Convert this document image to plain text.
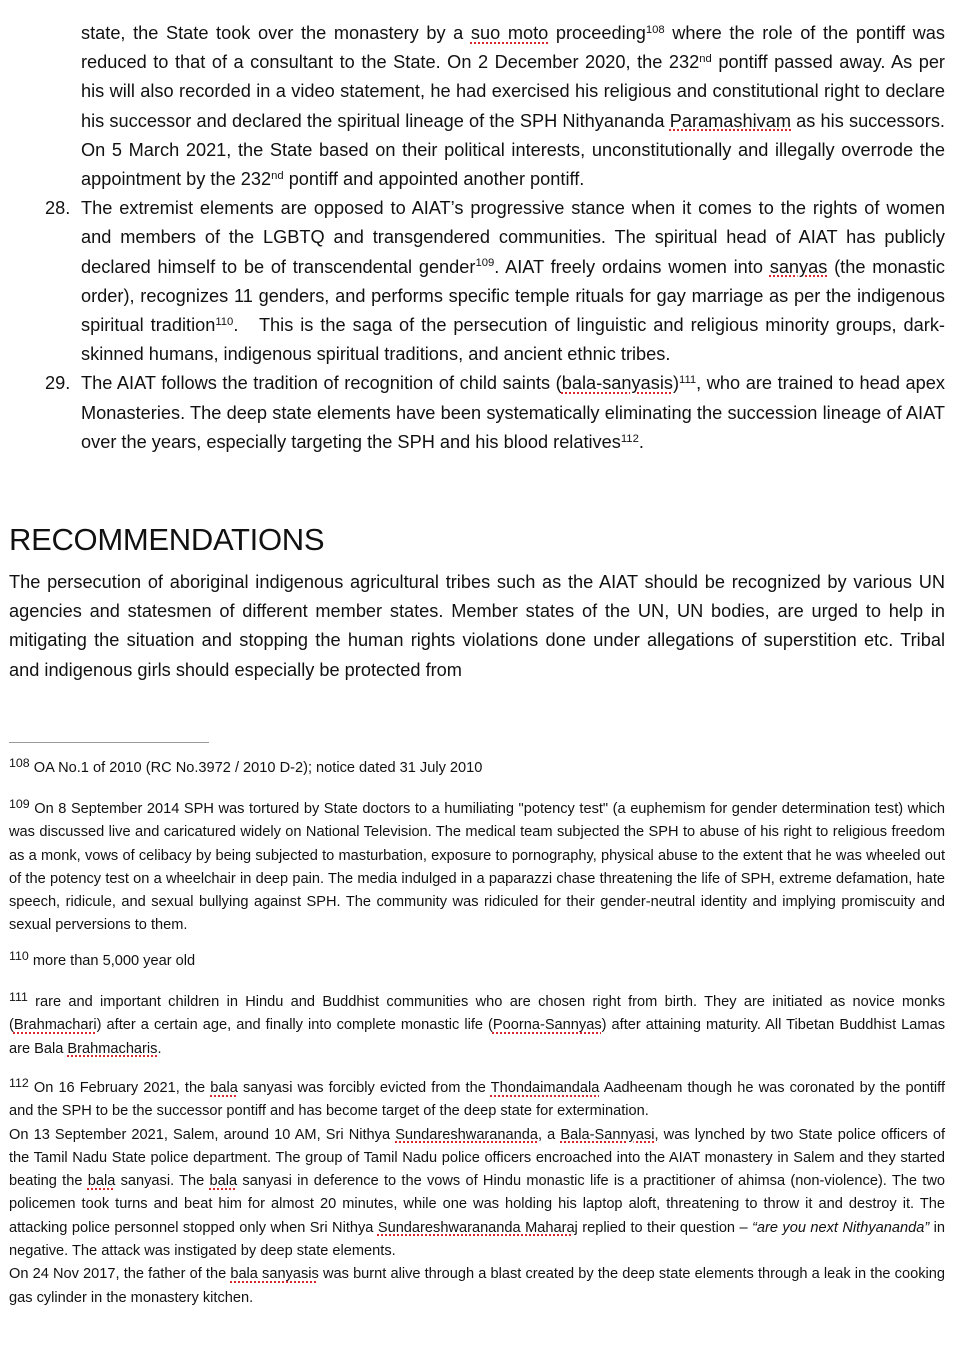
state, the State took over the monastery by a suo moto proceeding$^{108}$ where the role of the pontiff was reduced to that of a consultant to the State. On 2 December 2020, the 232nd pontiff passed away. As per his will also recorded in a video statement, he had exercised his religious and constitutional right to declare his successor and declared the spiritual lineage of the SPH Nithyananda Paramashivam as his successors. On 5 March 2021, the State based on their political interests, unconstitutionally and illegally overrode the appointment by the 232nd pontiff and appointed another pontiff.

28. The extremist elements are opposed to AIAT’s progressive stance when it comes to the rights of women and members of the LGBTQ and transgendered communities. The spiritual head of AIAT has publicly declared himself to be of transcendental gender$^{109}$. AIAT freely ordains women into sanyas (the monastic order), recognizes 11 genders, and performs specific temple rituals for gay marriage as per the indigenous spiritual tradition$^{110}$.   This is the saga of the persecution of linguistic and religious minority groups, dark-skinned humans, indigenous spiritual traditions, and ancient ethnic tribes.

29. The AIAT follows the tradition of recognition of child saints (bala-sanyasis)$^{111}$, who are trained to head apex Monasteries. The deep state elements have been systematically eliminating the succession lineage of AIAT over the years, especially targeting the SPH and his blood relatives$^{112}$.

RECOMMENDATIONS

The persecution of aboriginal indigenous agricultural tribes such as the AIAT should be recognized by various UN agencies and statesmen of different member states. Member states of the UN, UN bodies, are urged to help in mitigating the situation and stopping the human rights violations done under allegations of superstition etc. Tribal and indigenous girls should especially be protected from

$^{108}$ OA No.1 of 2010 (RC No.3972 / 2010 D-2); notice dated 31 July 2010

$^{109}$ On 8 September 2014 SPH was tortured by State doctors to a humiliating "potency test" (a euphemism for gender determination test) which was discussed live and caricatured widely on National Television. The medical team subjected the SPH to abuse of his right to religious freedom as a monk, vows of celibacy by being subjected to masturbation, exposure to pornography, physical abuse to the extent that he was wheeled out of the potency test on a wheelchair in deep pain. The media indulged in a paparazzi chase threatening the life of SPH, extreme defamation, hate speech, ridicule, and sexual bullying against SPH. The community was ridiculed for their gender-neutral identity and implying promiscuity and sexual perversions to them.

$^{110}$ more than 5,000 year old

$^{111}$ rare and important children in Hindu and Buddhist communities who are chosen right from birth. They are initiated as novice monks (Brahmachari) after a certain age, and finally into complete monastic life (Poorna-Sannyas) after attaining maturity. All Tibetan Buddhist Lamas are Bala Brahmacharis.

$^{112}$ On 16 February 2021, the bala sanyasi was forcibly evicted from the Thondaimandala Aadheenam though he was coronated by the pontiff and the SPH to be the successor pontiff and has become target of the deep state for extermination.

On 13 September 2021, Salem, around 10 AM, Sri Nithya Sundareshwarananda, a Bala-Sannyasi, was lynched by two State police officers of the Tamil Nadu State police department. The group of Tamil Nadu police officers encroached into the AIAT monastery in Salem and they started beating the bala sanyasi. The bala sanyasi in deference to the vows of Hindu monastic life is a practitioner of ahimsa (non-violence). The two policemen took turns and beat him for almost 20 minutes, while one was holding his laptop aloft, threatening to throw it and destroy it. The attacking police personnel stopped only when Sri Nithya Sundareshwarananda Maharaj replied to their question – “are you next Nithyananda” in negative. The attack was instigated by deep state elements.

On 24 Nov 2017, the father of the bala sanyasis was burnt alive through a blast created by the deep state elements through a leak in the cooking gas cylinder in the monastery kitchen.
